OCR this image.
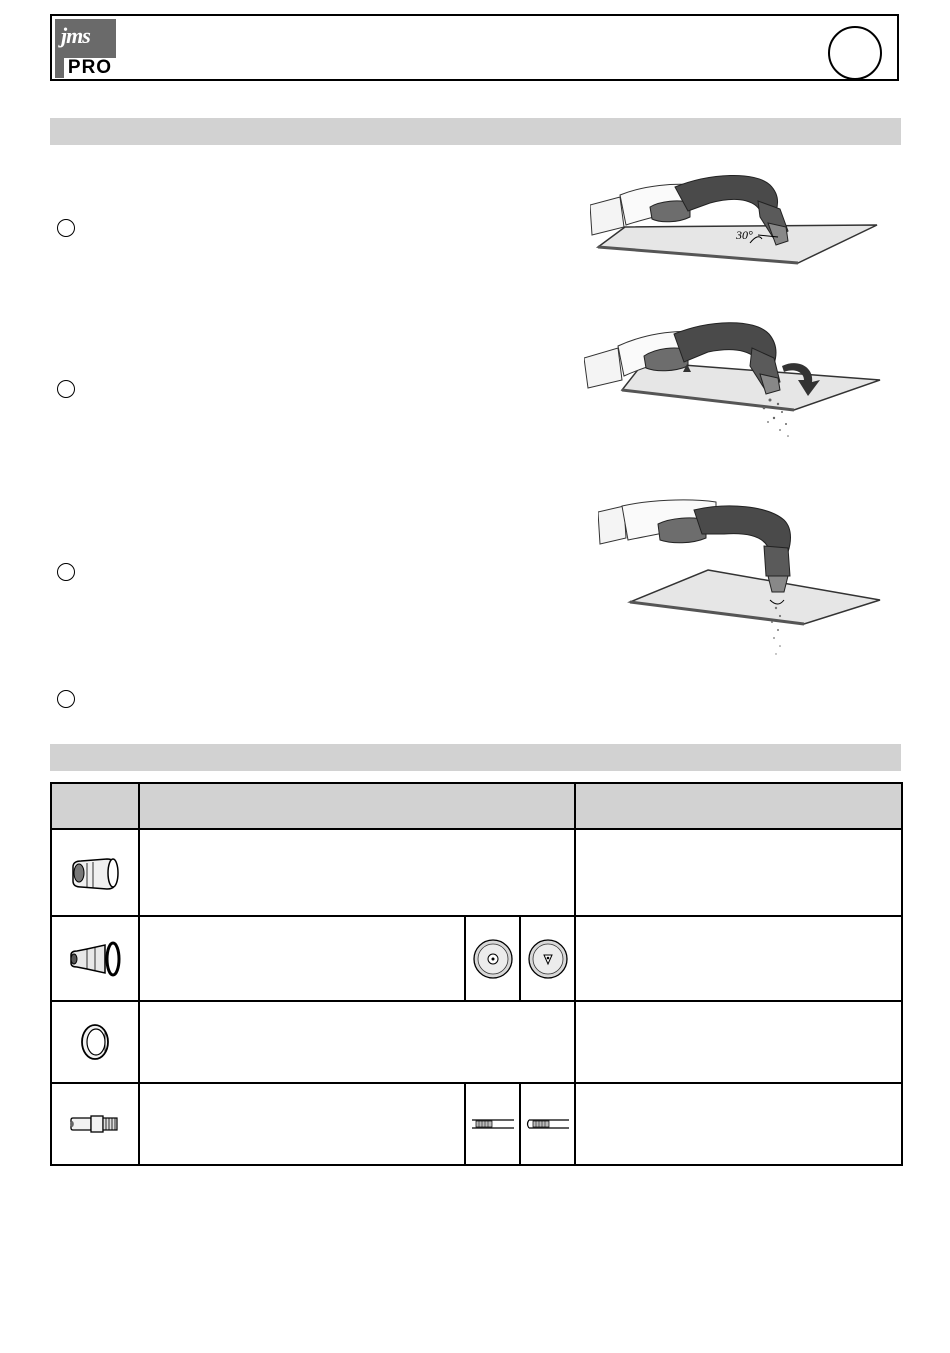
jms
PRO
30°
